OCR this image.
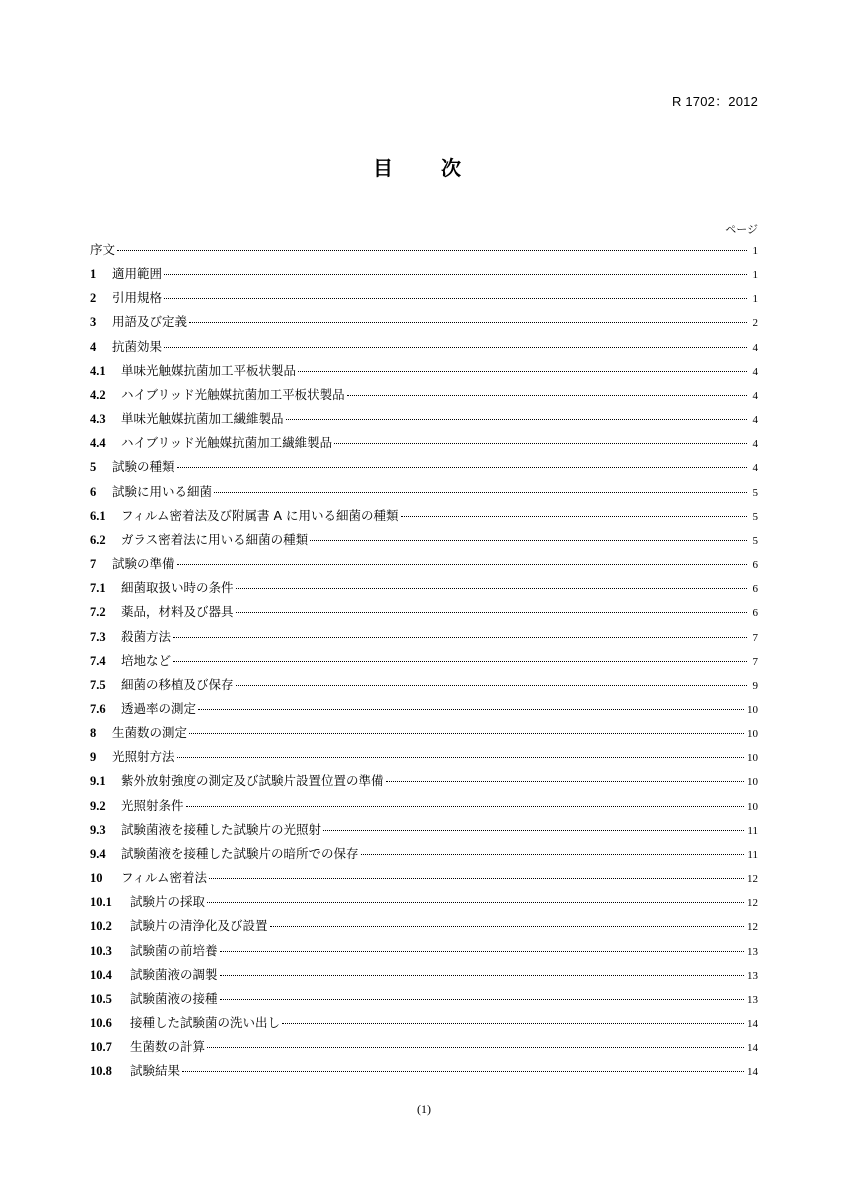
R 1702：2012
目　次
ページ
序文	1
1	適用範囲	1
2	引用規格	1
3	用語及び定義	2
4	抗菌効果	4
4.1	単味光触媒抗菌加工平板状製品	4
4.2	ハイブリッド光触媒抗菌加工平板状製品	4
4.3	単味光触媒抗菌加工繊維製品	4
4.4	ハイブリッド光触媒抗菌加工繊維製品	4
5	試験の種類	4
6	試験に用いる細菌	5
6.1	フィルム密着法及び附属書 A に用いる細菌の種類	5
6.2	ガラス密着法に用いる細菌の種類	5
7	試験の準備	6
7.1	細菌取扱い時の条件	6
7.2	薬品，材料及び器具	6
7.3	殺菌方法	7
7.4	培地など	7
7.5	細菌の移植及び保存	9
7.6	透過率の測定	10
8	生菌数の測定	10
9	光照射方法	10
9.1	紫外放射強度の測定及び試験片設置位置の準備	10
9.2	光照射条件	10
9.3	試験菌液を接種した試験片の光照射	11
9.4	試験菌液を接種した試験片の暗所での保存	11
10	フィルム密着法	12
10.1	試験片の採取	12
10.2	試験片の清浄化及び設置	12
10.3	試験菌の前培養	13
10.4	試験菌液の調製	13
10.5	試験菌液の接種	13
10.6	接種した試験菌の洗い出し	14
10.7	生菌数の計算	14
10.8	試験結果	14
(1)
